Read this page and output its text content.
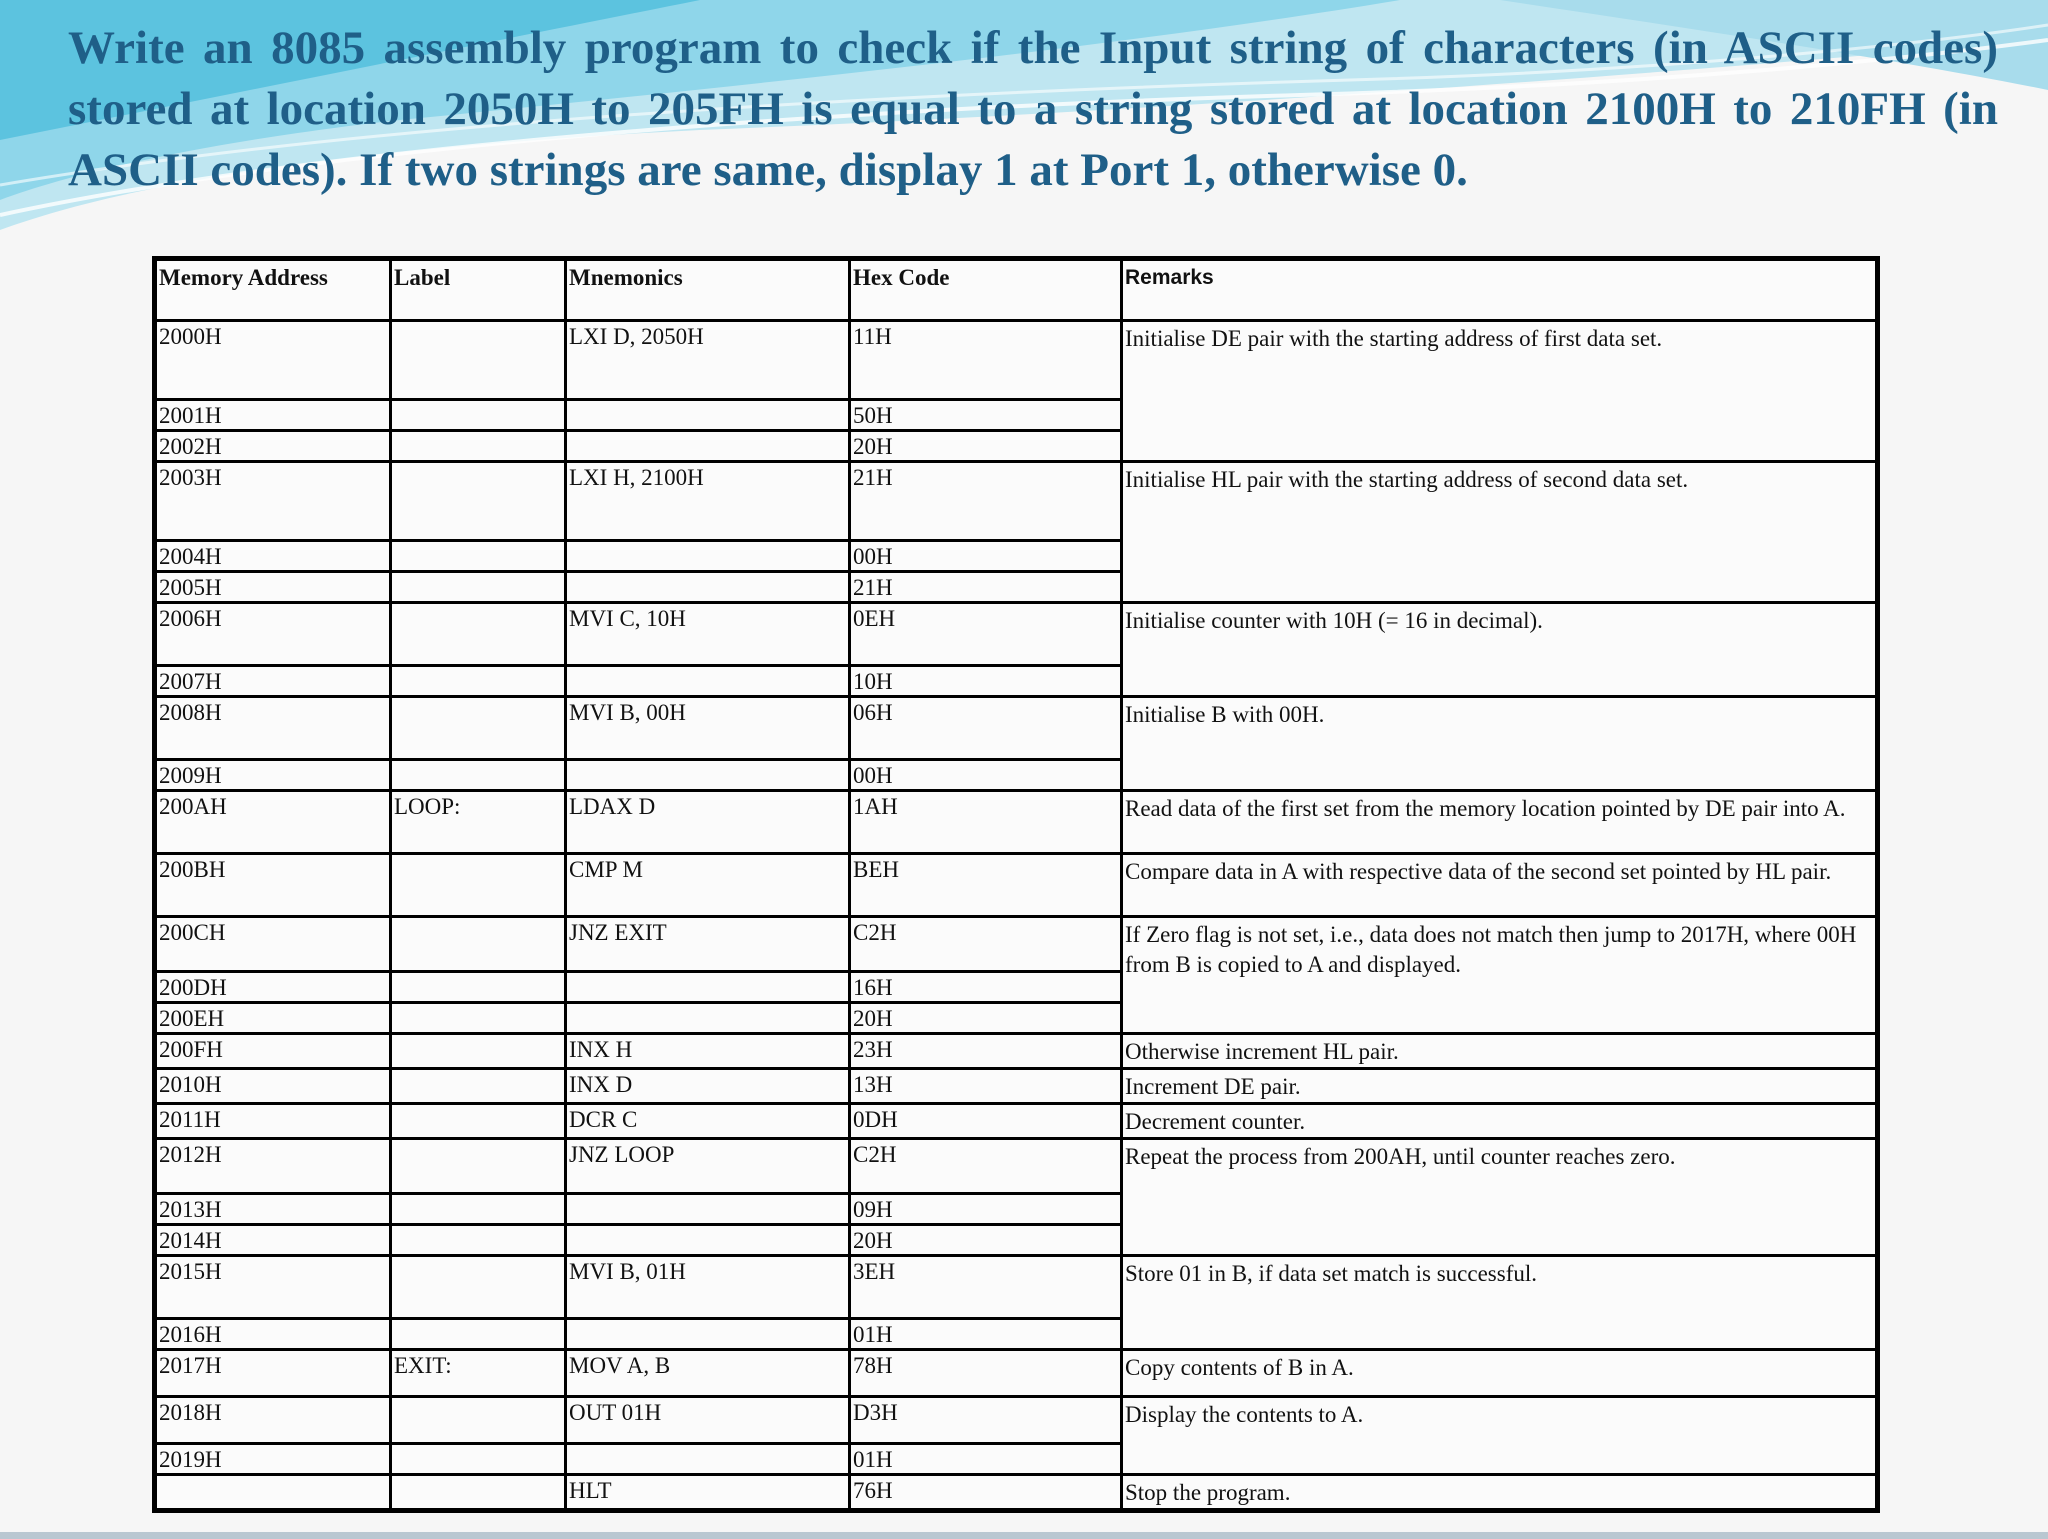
Write an 8085 assembly program to check if the Input string of characters (in ASCII codes) stored at location 2050H to 205FH is equal to a string stored at location 2100H to 210FH (in ASCII codes). If two strings are same, display 1 at Port 1, otherwise 0.
Memory Address	Label	Mnemonics	Hex Code	Remarks
2000H		LXI D, 2050H	11H	Initialise DE pair with the starting address of first data set.
2001H			50H	
2002H			20H	
2003H		LXI H, 2100H	21H	Initialise HL pair with the starting address of second data set.
2004H			00H	
2005H			21H	
2006H		MVI C, 10H	0EH	Initialise counter with 10H (= 16 in decimal).
2007H			10H	
2008H		MVI B, 00H	06H	Initialise B with 00H.
2009H			00H	
200AH	LOOP:	LDAX D	1AH	Read data of the first set from the memory location pointed by DE pair into A.
200BH		CMP M	BEH	Compare data in A with respective data of the second set pointed by HL pair.
200CH		JNZ EXIT	C2H	If Zero flag is not set, i.e., data does not match then jump to 2017H, where 00H from B is copied to A and displayed.
200DH			16H	
200EH			20H	
200FH		INX H	23H	Otherwise increment HL pair.
2010H		INX D	13H	Increment DE pair.
2011H		DCR C	0DH	Decrement counter.
2012H		JNZ LOOP	C2H	Repeat the process from 200AH, until counter reaches zero.
2013H			09H	
2014H			20H	
2015H		MVI B, 01H	3EH	Store 01 in B, if data set match is successful.
2016H			01H	
2017H	EXIT:	MOV A, B	78H	Copy contents of B in A.
2018H		OUT 01H	D3H	Display the contents to A.
2019H			01H	
		HLT	76H	Stop the program.
